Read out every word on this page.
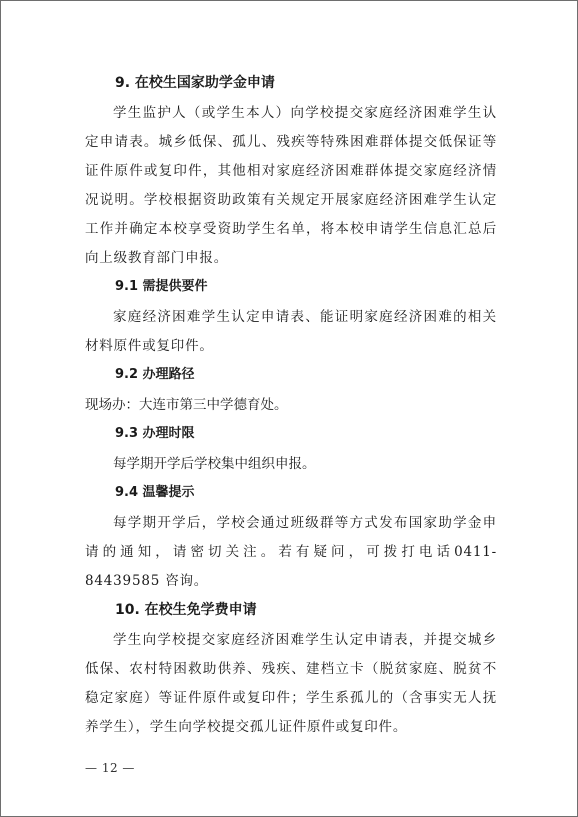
9. 在校生国家助学金申请

学生监护人（或学生本人）向学校提交家庭经济困难学生认定申请表。城乡低保、孤儿、残疾等特殊困难群体提交低保证等证件原件或复印件，其他相对家庭经济困难群体提交家庭经济情况说明。学校根据资助政策有关规定开展家庭经济困难学生认定工作并确定本校享受资助学生名单，将本校申请学生信息汇总后向上级教育部门申报。

9.1 需提供要件

家庭经济困难学生认定申请表、能证明家庭经济困难的相关材料原件或复印件。

9.2 办理路径

现场办：大连市第三中学德育处。

9.3 办理时限

每学期开学后学校集中组织申报。

9.4 温馨提示

每学期开学后，学校会通过班级群等方式发布国家助学金申请的通知，请密切关注。若有疑问，可拨打电话0411-84439585 咨询。

10. 在校生免学费申请

学生向学校提交家庭经济困难学生认定申请表，并提交城乡低保、农村特困救助供养、残疾、建档立卡（脱贫家庭、脱贫不稳定家庭）等证件原件或复印件；学生系孤儿的（含事实无人抚养学生），学生向学校提交孤儿证件原件或复印件。

— 12 —
